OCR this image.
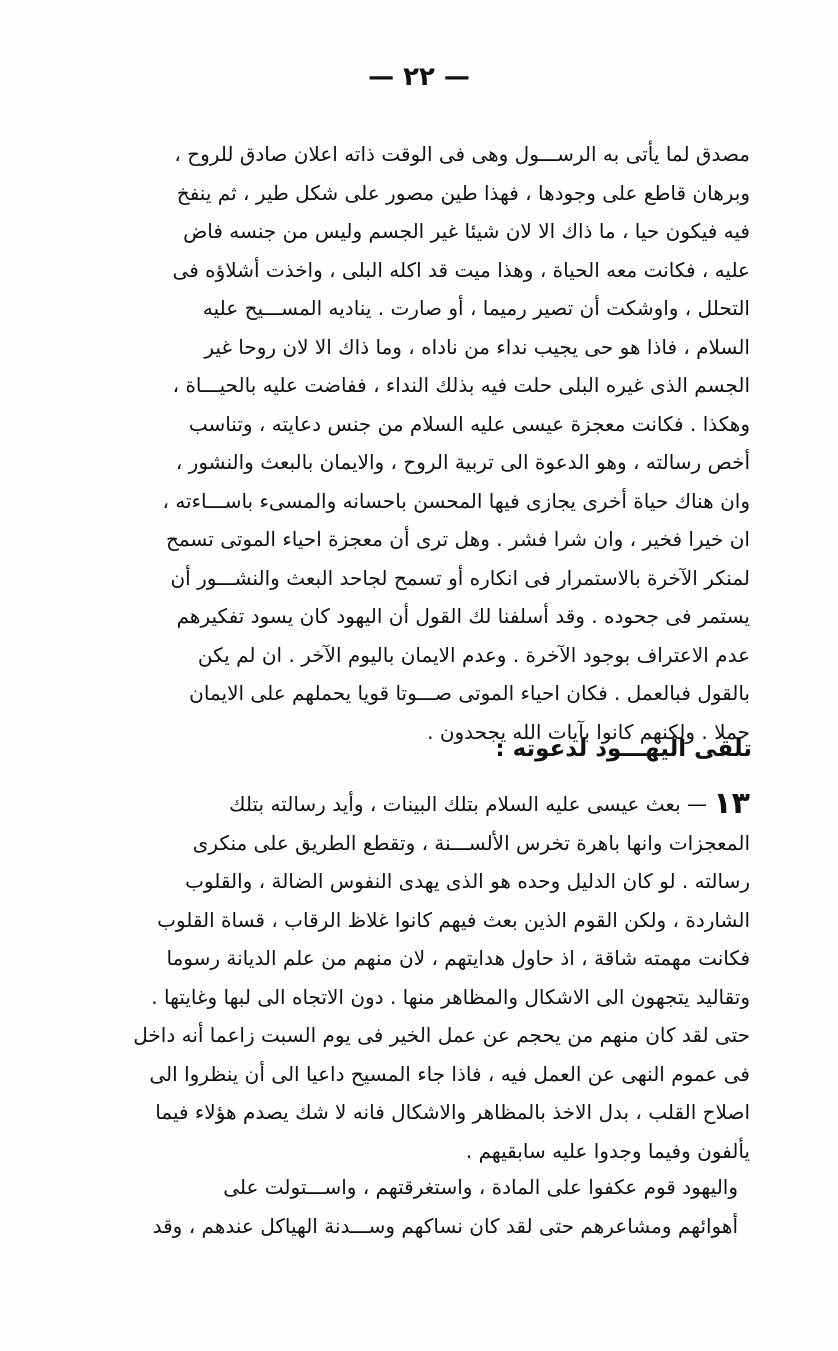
— ٢٢ —
مصدق لما يأتى به الرســـول وهى فى الوقت ذاته اعلان صادق للروح ،
وبرهان قاطع على وجودها ، فهذا طين مصور على شكل طير ، ثم ينفخ
فيه فيكون حيا ، ما ذاك الا لان شيئا غير الجسم وليس من جنسه فاض
عليه ، فكانت معه الحياة ، وهذا ميت قد اكله البلى ، واخذت أشلاؤه فى
التحلل ، واوشكت أن تصير رميما ، أو صارت . يناديه المســـيح عليه
السلام ، فاذا هو حى يجيب نداء من ناداه ، وما ذاك الا لان روحا غير
الجسم الذى غيره البلى حلت فيه بذلك النداء ، ففاضت عليه بالحيـــاة ،
وهكذا . فكانت معجزة عيسى عليه السلام من جنس دعايته ، وتناسب
أخص رسالته ، وهو الدعوة الى تربية الروح ، والايمان بالبعث والنشور ،
وان هناك حياة أخرى يجازى فيها المحسن باحسانه والمسىء باســـاءته ،
ان خيرا فخير ، وان شرا فشر . وهل ترى أن معجزة احياء الموتى تسمح
لمنكر الآخرة بالاستمرار فى انكاره أو تسمح لجاحد البعث والنشـــور أن
يستمر فى جحوده . وقد أسلفنا لك القول أن اليهود كان يسود تفكيرهم
عدم الاعتراف بوجود الآخرة . وعدم الايمان باليوم الآخر . ان لم يكن
بالقول فبالعمل . فكان احياء الموتى صـــوتا قويا يحملهم على الايمان
حملا . ولكنهم كانوا بآيات الله يجحدون .
تلقى اليهـــود لدعوته :
١٣ — بعث عيسى عليه السلام بتلك البينات ، وأيد رسالته بتلك
المعجزات وانها باهرة تخرس الألســـنة ، وتقطع الطريق على منكرى
رسالته . لو كان الدليل وحده هو الذى يهدى النفوس الضالة ، والقلوب
الشاردة ، ولكن القوم الذين بعث فيهم كانوا غلاظ الرقاب ، قساة القلوب
فكانت مهمته شاقة ، اذ حاول هدايتهم ، لان منهم من علم الديانة رسوما
وتقاليد يتجهون الى الاشكال والمظاهر منها . دون الاتجاه الى لبها وغايتها .
حتى لقد كان منهم من يحجم عن عمل الخير فى يوم السبت زاعما أنه داخل
فى عموم النهى عن العمل فيه ، فاذا جاء المسيح داعيا الى أن ينظروا الى
اصلاح القلب ، بدل الاخذ بالمظاهر والاشكال فانه لا شك يصدم هؤلاء فيما
يألفون وفيما وجدوا عليه سابقيهم .
واليهود قوم عكفوا على المادة ، واستغرقتهم ، واســـتولت على
أهوائهم ومشاعرهم حتى لقد كان نساكهم وســـدنة الهياكل عندهم ، وقد
